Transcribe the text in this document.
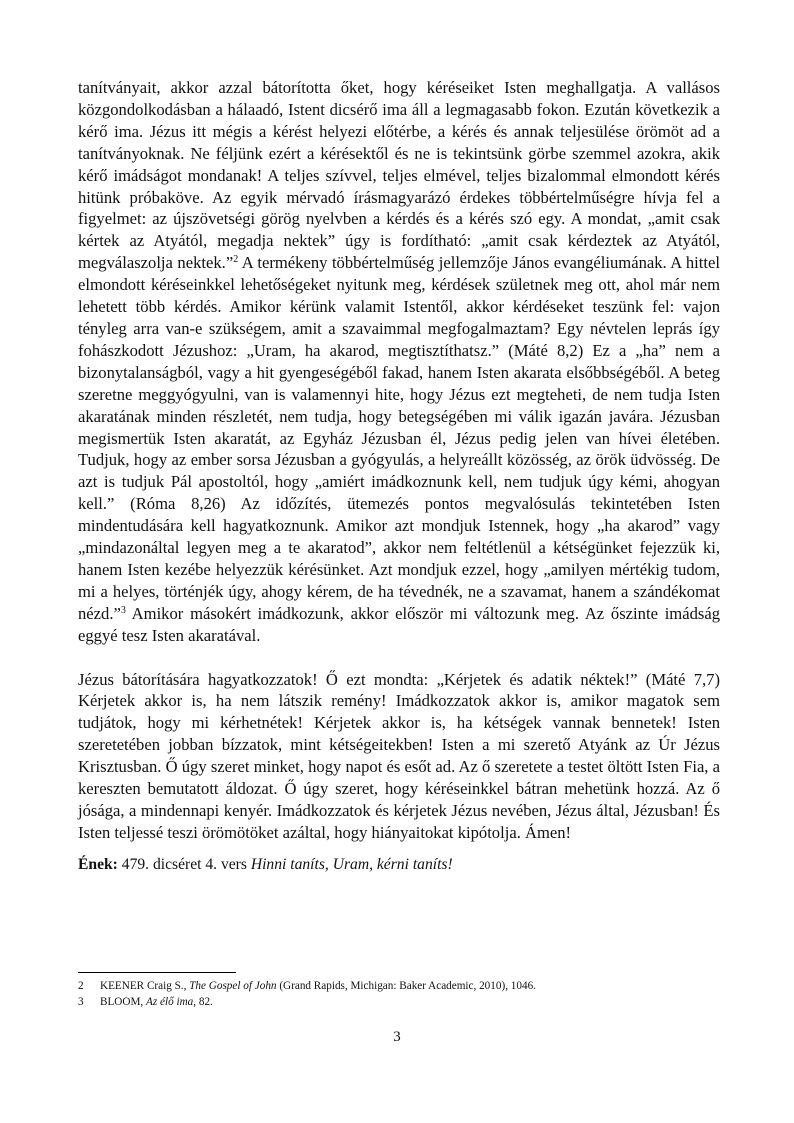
tanítványait, akkor azzal bátorította őket, hogy kéréseiket Isten meghallgatja. A vallásos közgondolkodásban a hálaadó, Istent dicsérő ima áll a legmagasabb fokon. Ezután következik a kérő ima. Jézus itt mégis a kérést helyezi előtérbe, a kérés és annak teljesülése örömöt ad a tanítványoknak. Ne féljünk ezért a kérésektől és ne is tekintsünk görbe szemmel azokra, akik kérő imádságot mondanak! A teljes szívvel, teljes elmével, teljes bizalommal elmondott kérés hitünk próbaköve. Az egyik mérvadó írásmagyarázó érdekes többértelműségre hívja fel a figyelmet: az újszövetségi görög nyelvben a kérdés és a kérés szó egy. A mondat, „amit csak kértek az Atyától, megadja nektek” úgy is fordítható: „amit csak kérdeztek az Atyától, megválaszolja nektek.”$^2$ A termékeny többértelműség jellemzője János evangéliumának. A hittel elmondott kéréseinkkel lehetőségeket nyitunk meg, kérdések születnek meg ott, ahol már nem lehetett több kérdés. Amikor kérünk valamit Istentől, akkor kérdéseket teszünk fel: vajon tényleg arra van-e szükségem, amit a szavaimmal megfogalmaztam? Egy névtelen leprás így fohászkodott Jézushoz: „Uram, ha akarod, megtisztíthatsz.” (Máté 8,2) Ez a „ha” nem a bizonytalanságból, vagy a hit gyengeségéből fakad, hanem Isten akarata elsőbbségéből. A beteg szeretne meggyógyulni, van is valamennyi hite, hogy Jézus ezt megteheti, de nem tudja Isten akaratának minden részletét, nem tudja, hogy betegségében mi válik igazán javára. Jézusban megismertük Isten akaratát, az Egyház Jézusban él, Jézus pedig jelen van hívei életében. Tudjuk, hogy az ember sorsa Jézusban a gyógyulás, a helyreállt közösség, az örök üdvösség. De azt is tudjuk Pál apostoltól, hogy „amiért imádkoznunk kell, nem tudjuk úgy kémi, ahogyan kell.” (Róma 8,26) Az időzítés, ütemezés pontos megvalósulás tekintetében Isten mindentudására kell hagyatkoznunk. Amikor azt mondjuk Istennek, hogy „ha akarod” vagy „mindazonáltal legyen meg a te akaratod”, akkor nem feltétlenül a kétségünket fejezzük ki, hanem Isten kezébe helyezzük kérésünket. Azt mondjuk ezzel, hogy „amilyen mértékig tudom, mi a helyes, történjék úgy, ahogy kérem, de ha tévednék, ne a szavamat, hanem a szándékomat nézd.”$^3$ Amikor másokért imádkozunk, akkor először mi változunk meg. Az őszinte imádság eggyé tesz Isten akaratával.

Jézus bátorítására hagyatkozzatok! Ő ezt mondta: „Kérjetek és adatik néktek!” (Máté 7,7) Kérjetek akkor is, ha nem látszik remény! Imádkozzatok akkor is, amikor magatok sem tudjátok, hogy mi kérhetnétek! Kérjetek akkor is, ha kétségek vannak bennetek! Isten szeretetében jobban bízzatok, mint kétségeitekben! Isten a mi szerető Atyánk az Úr Jézus Krisztusban. Ő úgy szeret minket, hogy napot és esőt ad. Az ő szeretete a testet öltött Isten Fia, a kereszten bemutatott áldozat. Ő úgy szeret, hogy kéréseinkkel bátran mehetünk hozzá. Az ő jósága, a mindennapi kenyér. Imádkozzatok és kérjetek Jézus nevében, Jézus által, Jézusban! És Isten teljessé teszi örömötöket azáltal, hogy hiányaitokat kipótolja. Ámen!

Ének: 479. dicséret 4. vers Hinni taníts, Uram, kérni taníts!

2	KEENER Craig S., The Gospel of John (Grand Rapids, Michigan: Baker Academic, 2010), 1046.
3	BLOOM, Az élő ima, 82.
3
